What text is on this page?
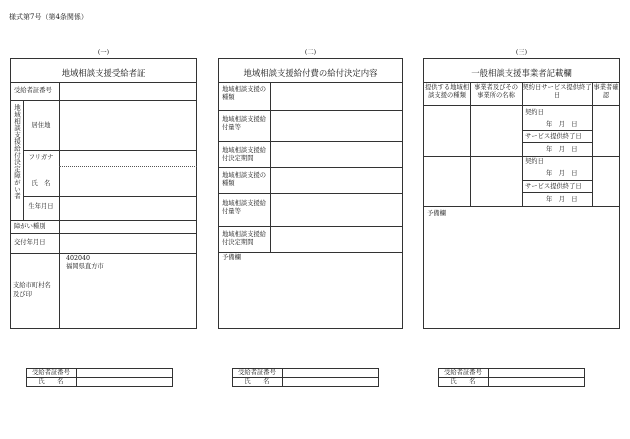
様式第7号（第4条関係）
(一)
地域相談支援受給者証
受給者証番号
地域相談支援給付決定障がい者	居住地
フリガナ
氏　名
生年月日
障がい種別
交付年月日
支給市町村名及び印
402040
福岡県直方市
(二)
地域相談支援給付費の給付決定内容
地域相談支援の種類
地域相談支援給付量等
地域相談支援給付決定期間
地域相談支援の種類
地域相談支援給付量等
地域相談支援給付決定期間
予備欄
(三)
一般相談支援事業者記載欄
提供する地域相談支援の種類
事業者及びその事業所の名称
契約日サービス提供終了日
事業者確認
契約日
年　月　日
サービス提供終了日
年　月　日
契約日
年　月　日
サービス提供終了日
年　月　日
予備欄
受給者証番号
氏　　名
受給者証番号
氏　　名
受給者証番号
氏　　名
